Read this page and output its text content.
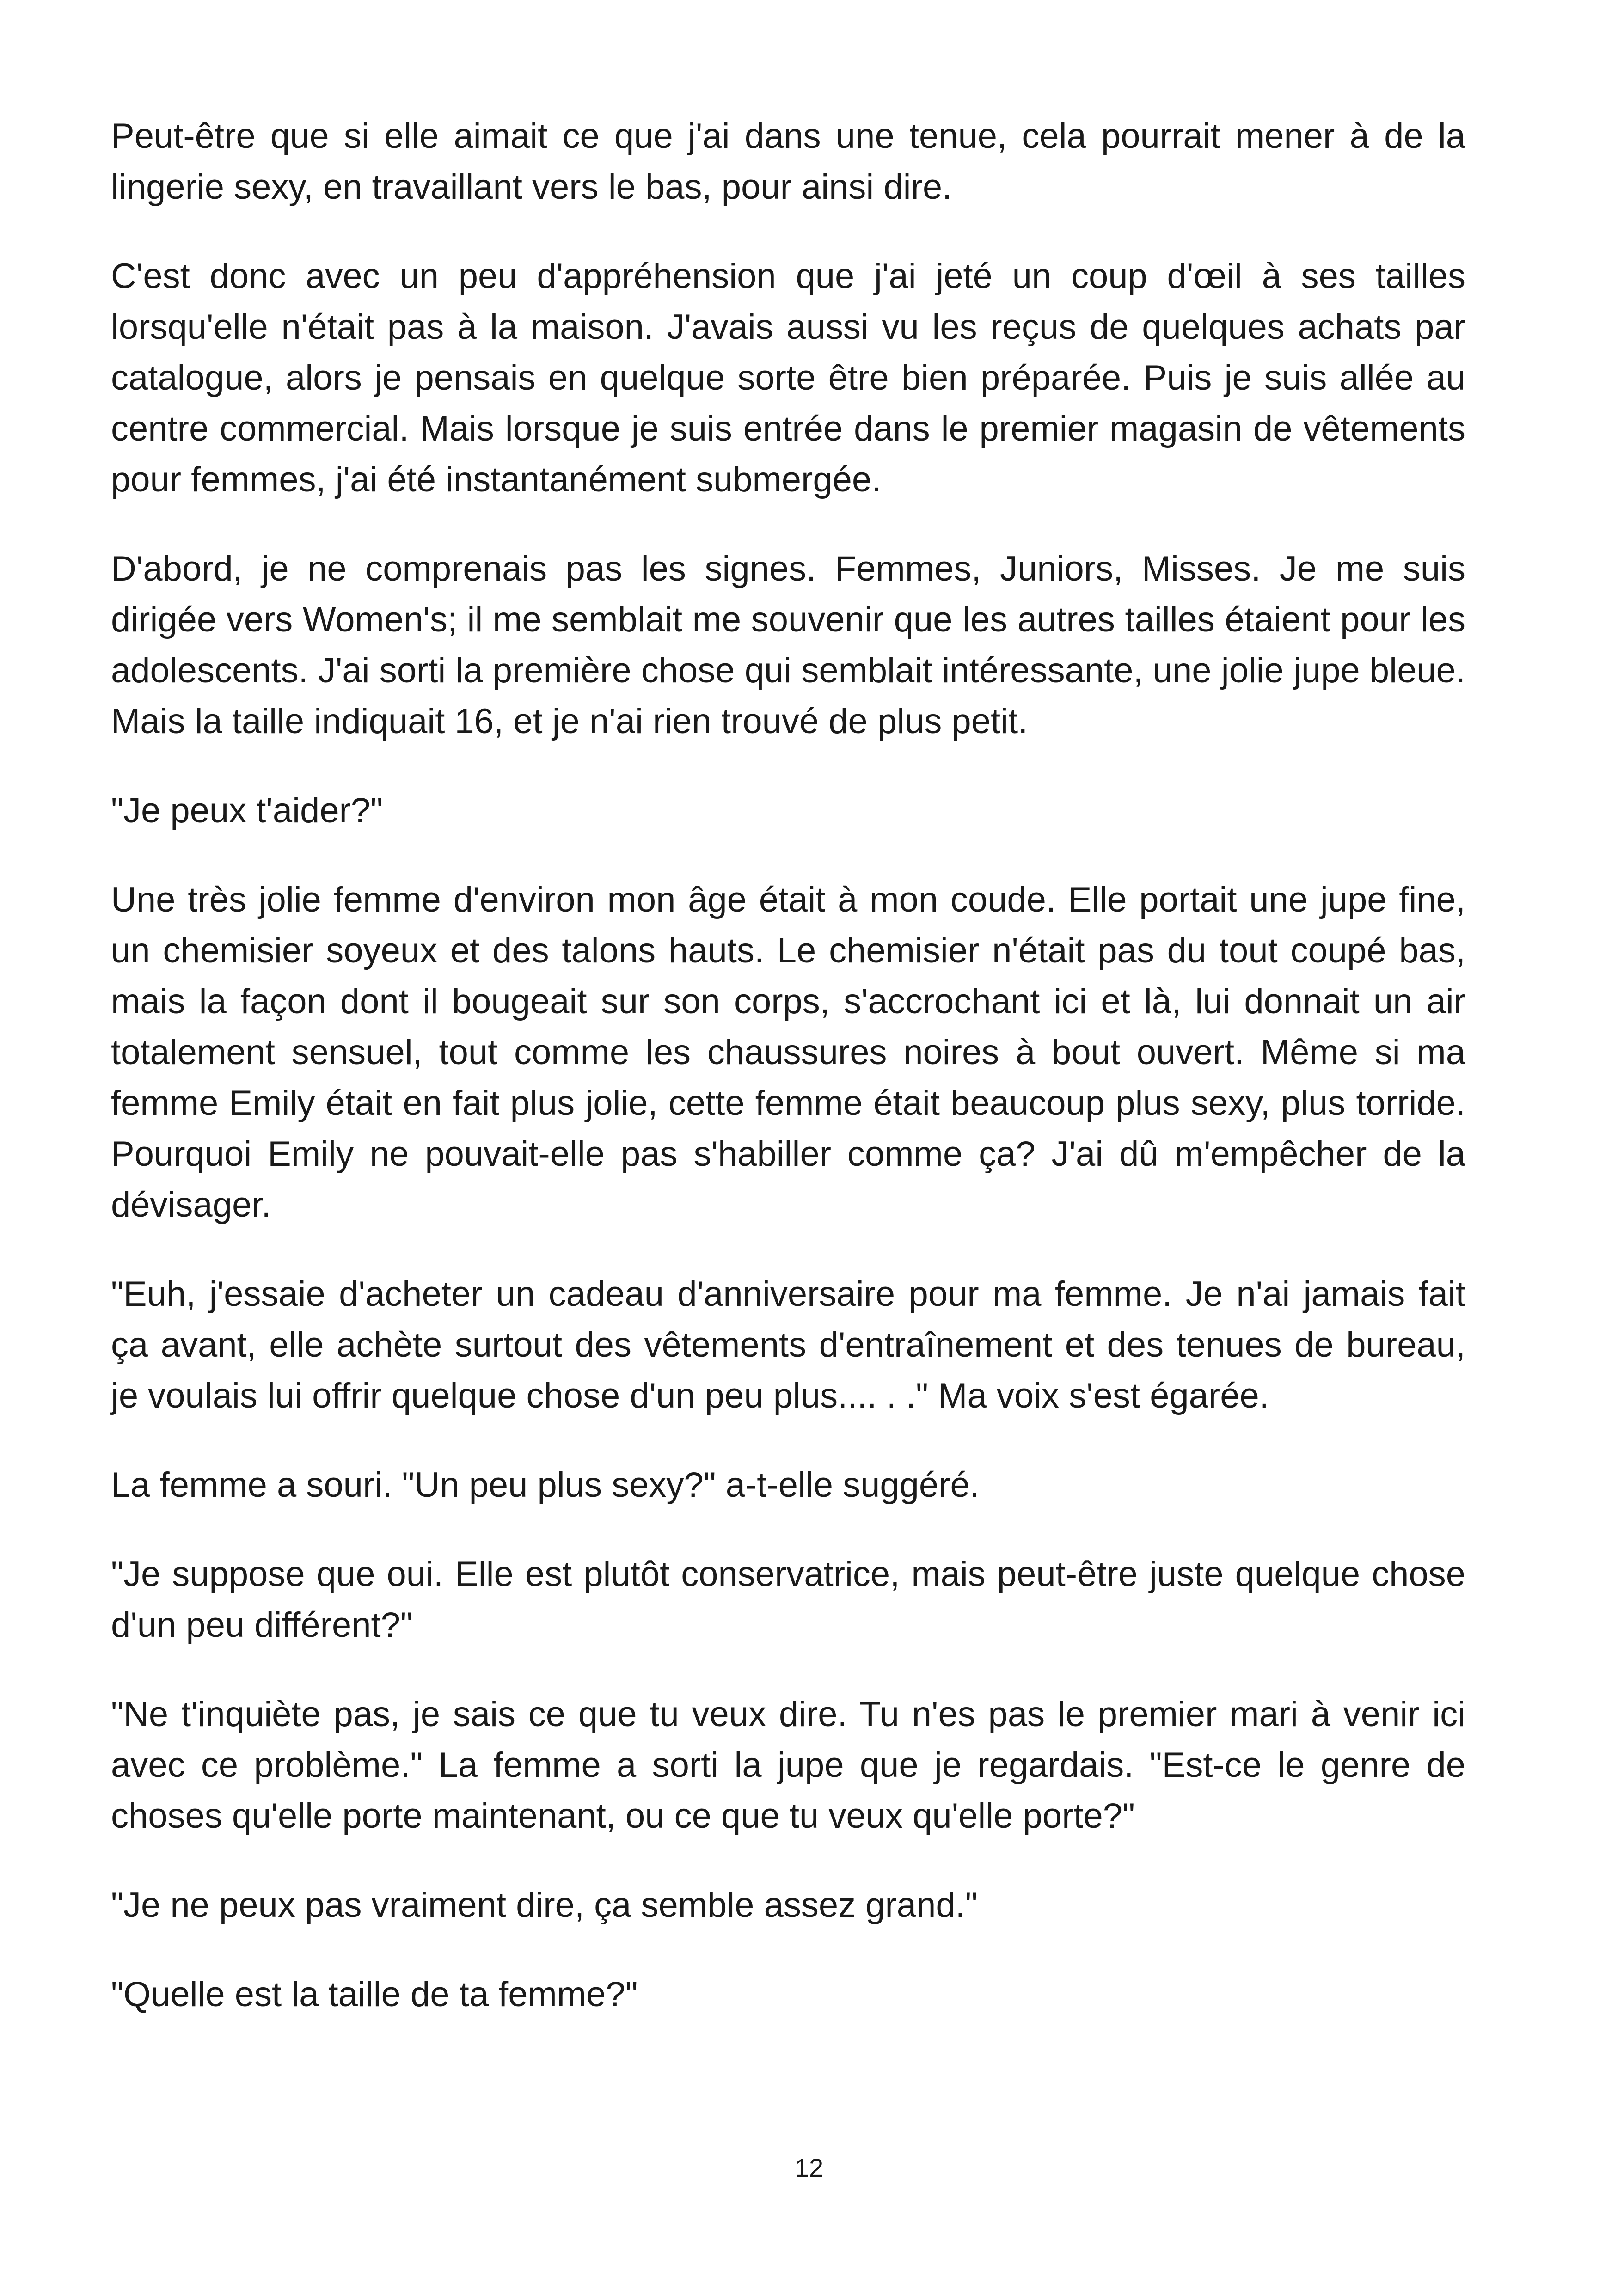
Peut-être que si elle aimait ce que j'ai dans une tenue, cela pourrait mener à de la lingerie sexy, en travaillant vers le bas, pour ainsi dire.

C'est donc avec un peu d'appréhension que j'ai jeté un coup d'œil à ses tailles lorsqu'elle n'était pas à la maison. J'avais aussi vu les reçus de quelques achats par catalogue, alors je pensais en quelque sorte être bien préparée. Puis je suis allée au centre commercial. Mais lorsque je suis entrée dans le premier magasin de vêtements pour femmes, j'ai été instantanément submergée.

D'abord, je ne comprenais pas les signes. Femmes, Juniors, Misses. Je me suis dirigée vers Women's; il me semblait me souvenir que les autres tailles étaient pour les adolescents. J'ai sorti la première chose qui semblait intéressante, une jolie jupe bleue. Mais la taille indiquait 16, et je n'ai rien trouvé de plus petit.

"Je peux t'aider?"

Une très jolie femme d'environ mon âge était à mon coude. Elle portait une jupe fine, un chemisier soyeux et des talons hauts. Le chemisier n'était pas du tout coupé bas, mais la façon dont il bougeait sur son corps, s'accrochant ici et là, lui donnait un air totalement sensuel, tout comme les chaussures noires à bout ouvert. Même si ma femme Emily était en fait plus jolie, cette femme était beaucoup plus sexy, plus torride. Pourquoi Emily ne pouvait-elle pas s'habiller comme ça? J'ai dû m'empêcher de la dévisager.

"Euh, j'essaie d'acheter un cadeau d'anniversaire pour ma femme. Je n'ai jamais fait ça avant, elle achète surtout des vêtements d'entraînement et des tenues de bureau, je voulais lui offrir quelque chose d'un peu plus.... . ." Ma voix s'est égarée.

La femme a souri. "Un peu plus sexy?" a-t-elle suggéré.

"Je suppose que oui. Elle est plutôt conservatrice, mais peut-être juste quelque chose d'un peu différent?"

"Ne t'inquiète pas, je sais ce que tu veux dire. Tu n'es pas le premier mari à venir ici avec ce problème." La femme a sorti la jupe que je regardais. "Est-ce le genre de choses qu'elle porte maintenant, ou ce que tu veux qu'elle porte?"

"Je ne peux pas vraiment dire, ça semble assez grand."

"Quelle est la taille de ta femme?"

12
